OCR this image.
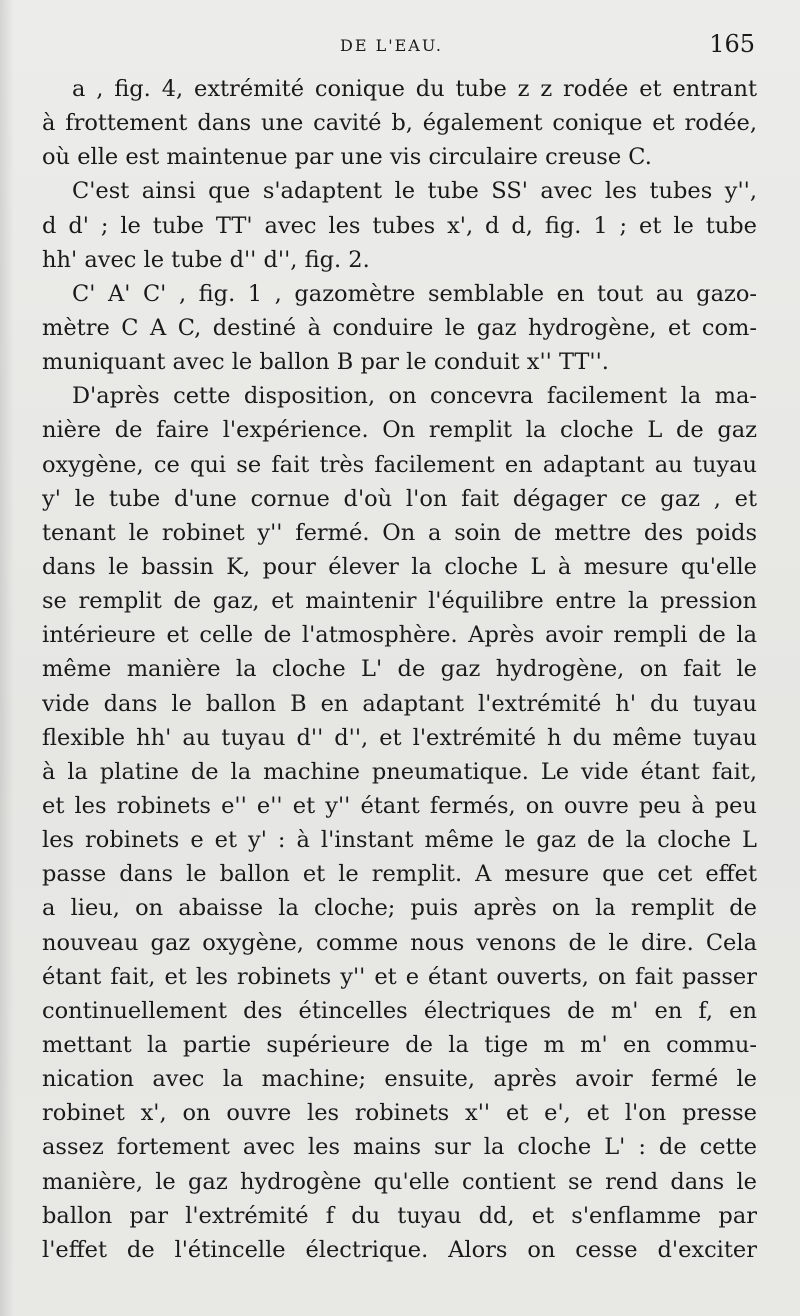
DE L'EAU.	165
a , fig. 4, extrémité conique du tube z z rodée et entrant
à frottement dans une cavité b, également conique et rodée,
où elle est maintenue par une vis circulaire creuse C.
C'est ainsi que s'adaptent le tube SS' avec les tubes y'',
d d' ; le tube TT' avec les tubes x', d d, fig. 1 ; et le tube
hh' avec le tube d'' d'', fig. 2.
C' A' C' , fig. 1 , gazomètre semblable en tout au gazo-
mètre C A C, destiné à conduire le gaz hydrogène, et com-
muniquant avec le ballon B par le conduit x'' TT''.
D'après cette disposition, on concevra facilement la ma-
nière de faire l'expérience. On remplit la cloche L de gaz
oxygène, ce qui se fait très facilement en adaptant au tuyau
y' le tube d'une cornue d'où l'on fait dégager ce gaz , et
tenant le robinet y'' fermé. On a soin de mettre des poids
dans le bassin K, pour élever la cloche L à mesure qu'elle
se remplit de gaz, et maintenir l'équilibre entre la pression
intérieure et celle de l'atmosphère. Après avoir rempli de la
même manière la cloche L' de gaz hydrogène, on fait le
vide dans le ballon B en adaptant l'extrémité h' du tuyau
flexible hh' au tuyau d'' d'', et l'extrémité h du même tuyau
à la platine de la machine pneumatique. Le vide étant fait,
et les robinets e'' e'' et y'' étant fermés, on ouvre peu à peu
les robinets e et y' : à l'instant même le gaz de la cloche L
passe dans le ballon et le remplit. A mesure que cet effet
a lieu, on abaisse la cloche; puis après on la remplit de
nouveau gaz oxygène, comme nous venons de le dire. Cela
étant fait, et les robinets y'' et e étant ouverts, on fait passer
continuellement des étincelles électriques de m' en f, en
mettant la partie supérieure de la tige m m' en commu-
nication avec la machine; ensuite, après avoir fermé le
robinet x', on ouvre les robinets x'' et e', et l'on presse
assez fortement avec les mains sur la cloche L' : de cette
manière, le gaz hydrogène qu'elle contient se rend dans le
ballon par l'extrémité f du tuyau dd, et s'enflamme par
l'effet de l'étincelle électrique. Alors on cesse d'exciter
